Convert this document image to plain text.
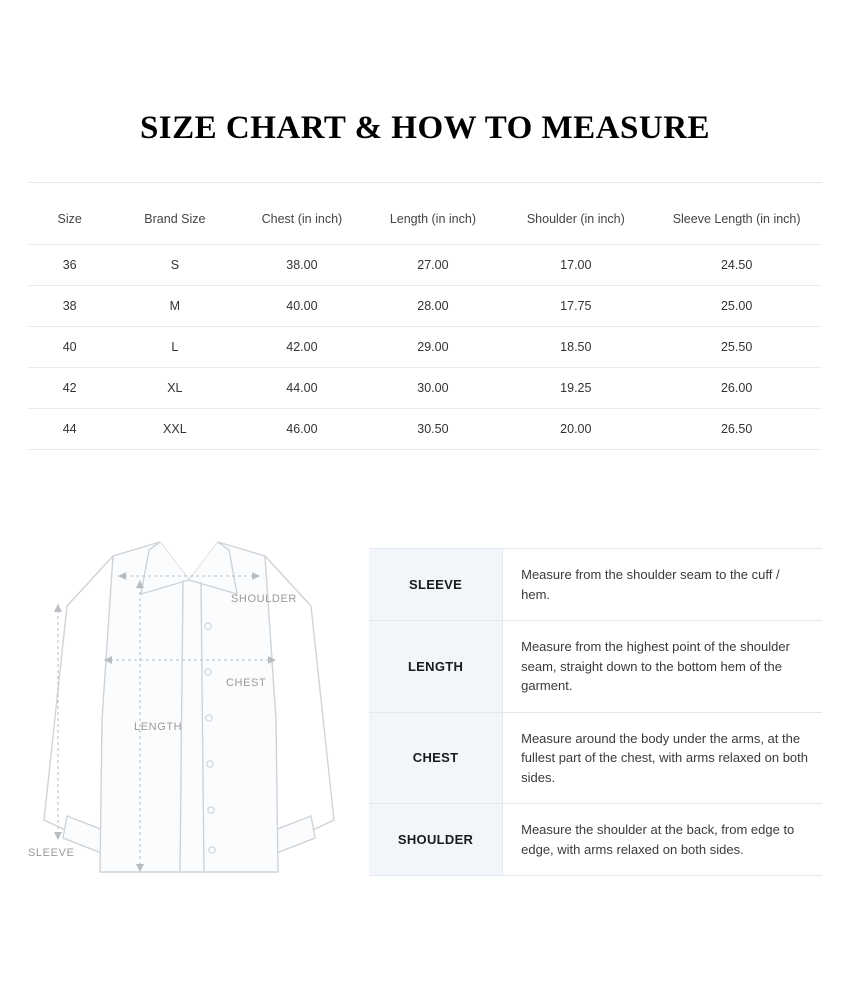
SIZE CHART & HOW TO MEASURE
Size	Brand Size	Chest (in inch)	Length (in inch)	Shoulder (in inch)	Sleeve Length (in inch)
36	S	38.00	27.00	17.00	24.50
38	M	40.00	28.00	17.75	25.00
40	L	42.00	29.00	18.50	25.50
42	XL	44.00	30.00	19.25	26.00
44	XXL	46.00	30.50	20.00	26.50
SHOULDER
CHEST
LENGTH
SLEEVE
SLEEVE	Measure from the shoulder seam to the cuff / hem.
LENGTH	Measure from the highest point of the shoulder seam, straight down to the bottom hem of the garment.
CHEST	Measure around the body under the arms, at the fullest part of the chest, with arms relaxed on both sides.
SHOULDER	Measure the shoulder at the back, from edge to edge, with arms relaxed on both sides.
